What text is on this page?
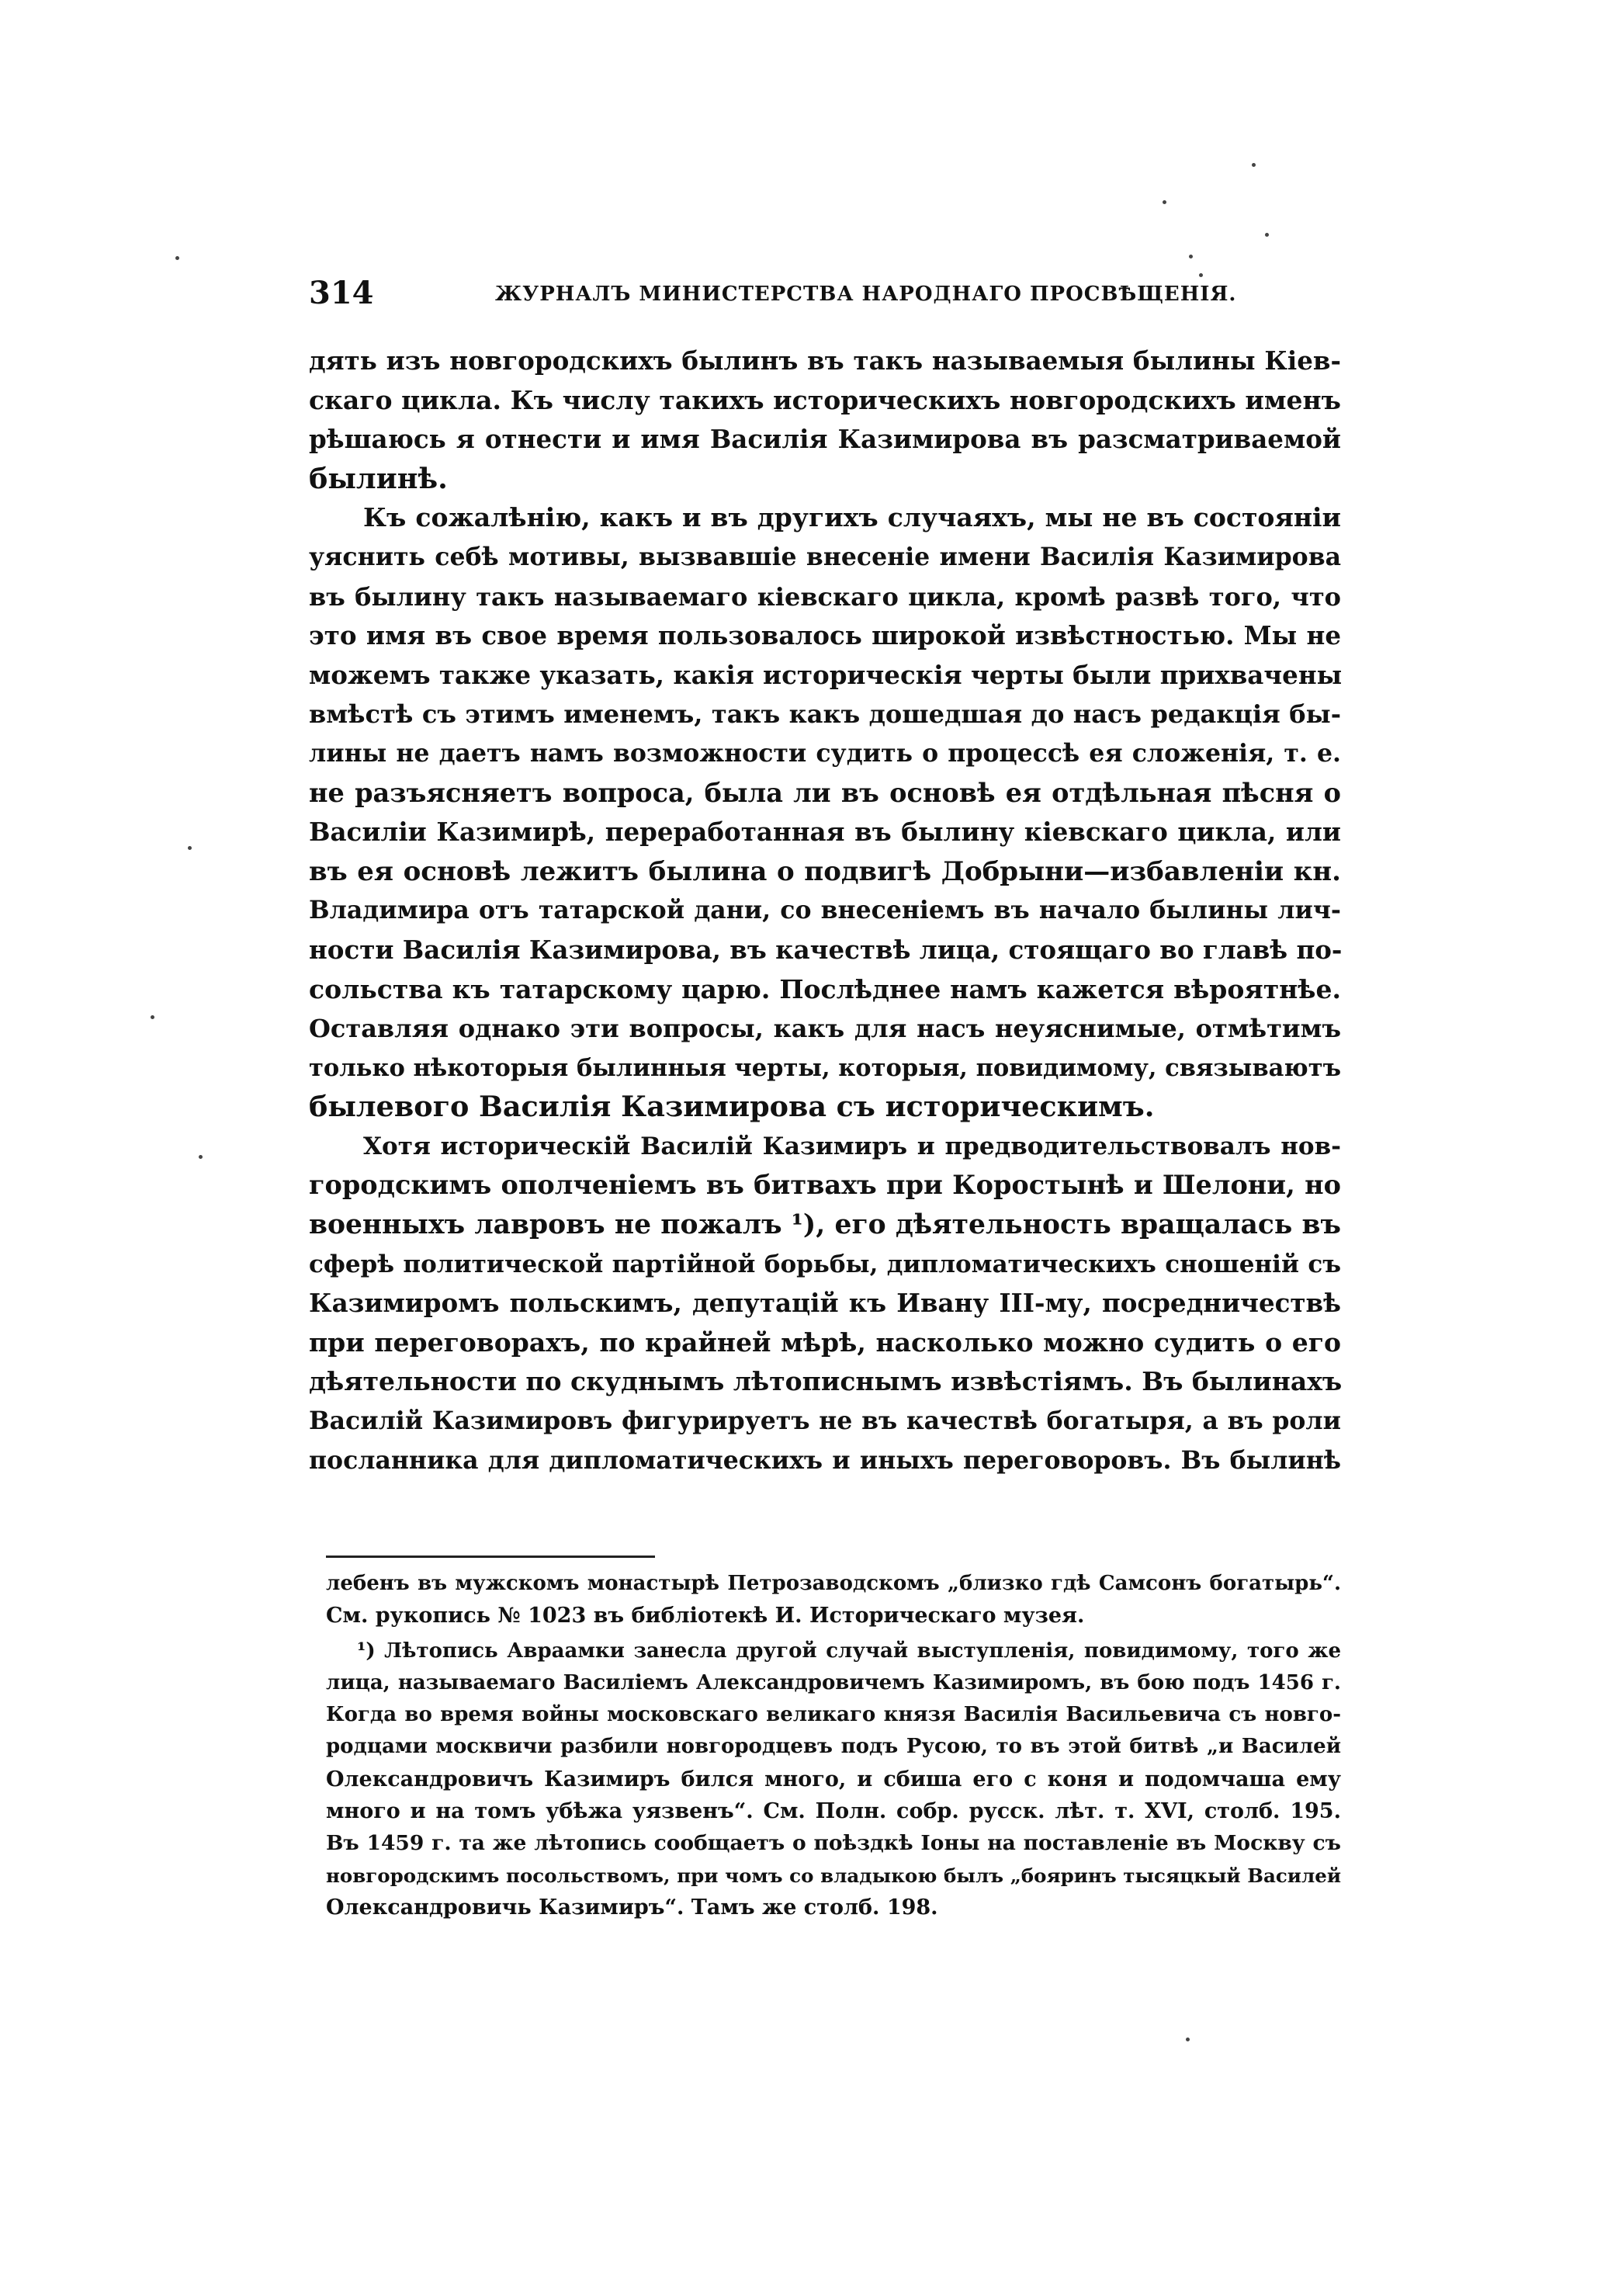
314	ЖУРНАЛЪ МИНИСТЕРСТВА НАРОДНАГО ПРОСВѢЩЕНІЯ.

дять изъ новгородскихъ былинъ въ такъ называемыя былины Кіев-
скаго цикла. Къ числу такихъ историческихъ новгородскихъ именъ
рѣшаюсь я отнести и имя Василія Казимирова въ разсматриваемой
былинѣ.

Къ сожалѣнію, какъ и въ другихъ случаяхъ, мы не въ состояніи
уяснить себѣ мотивы, вызвавшіе внесеніе имени Василія Казимирова
въ былину такъ называемаго кіевскаго цикла, кромѣ развѣ того, что
это имя въ свое время пользовалось широкой извѣстностью. Мы не
можемъ также указать, какія историческія черты были прихвачены
вмѣстѣ съ этимъ именемъ, такъ какъ дошедшая до насъ редакція бы-
лины не даетъ намъ возможности судить о процессѣ ея сложенія, т. е.
не разъясняетъ вопроса, была ли въ основѣ ея отдѣльная пѣсня о
Василіи Казимирѣ, переработанная въ былину кіевскаго цикла, или
въ ея основѣ лежитъ былина о подвигѣ Добрыни—избавленіи кн.
Владимира отъ татарской дани, со внесеніемъ въ начало былины лич-
ности Василія Казимирова, въ качествѣ лица, стоящаго во главѣ по-
сольства къ татарскому царю. Послѣднее намъ кажется вѣроятнѣе.
Оставляя однако эти вопросы, какъ для насъ неуяснимые, отмѣтимъ
только нѣкоторыя былинныя черты, которыя, повидимому, связываютъ
былевого Василія Казимирова съ историческимъ.

Хотя историческій Василій Казимиръ и предводительствовалъ нов-
городскимъ ополченіемъ въ битвахъ при Коростынѣ и Шелони, но
военныхъ лавровъ не пожалъ ¹), его дѣятельность вращалась въ
сферѣ политической партійной борьбы, дипломатическихъ сношеній съ
Казимиромъ польскимъ, депутацій къ Ивану III-му, посредничествѣ
при переговорахъ, по крайней мѣрѣ, насколько можно судить о его
дѣятельности по скуднымъ лѣтописнымъ извѣстіямъ. Въ былинахъ
Василій Казимировъ фигурируетъ не въ качествѣ богатыря, а въ роли
посланника для дипломатическихъ и иныхъ переговоровъ. Въ былинѣ

лебенъ въ мужскомъ монастырѣ Петрозаводскомъ „близко гдѣ Самсонъ богатырь“.
См. рукопись № 1023 въ библіотекѣ И. Историческаго музея.
¹) Лѣтопись Авраамки занесла другой случай выступленія, повидимому, того же
лица, называемаго Василіемъ Александровичемъ Казимиромъ, въ бою подъ 1456 г.
Когда во время войны московскаго великаго князя Василія Васильевича съ новго-
родцами москвичи разбили новгородцевъ подъ Русою, то въ этой битвѣ „и Василей
Олександровичъ Казимиръ бился много, и сбиша его с коня и подомчаша ему
много и на томъ убѣжа уязвенъ“. См. Полн. собр. русск. лѣт. т. XVI, столб. 195.
Въ 1459 г. та же лѣтопись сообщаетъ о поѣздкѣ Іоны на поставленіе въ Москву съ
новгородскимъ посольствомъ, при чомъ со владыкою былъ „бояринъ тысяцкый Василей
Олександровичь Казимиръ“. Тамъ же столб. 198.
